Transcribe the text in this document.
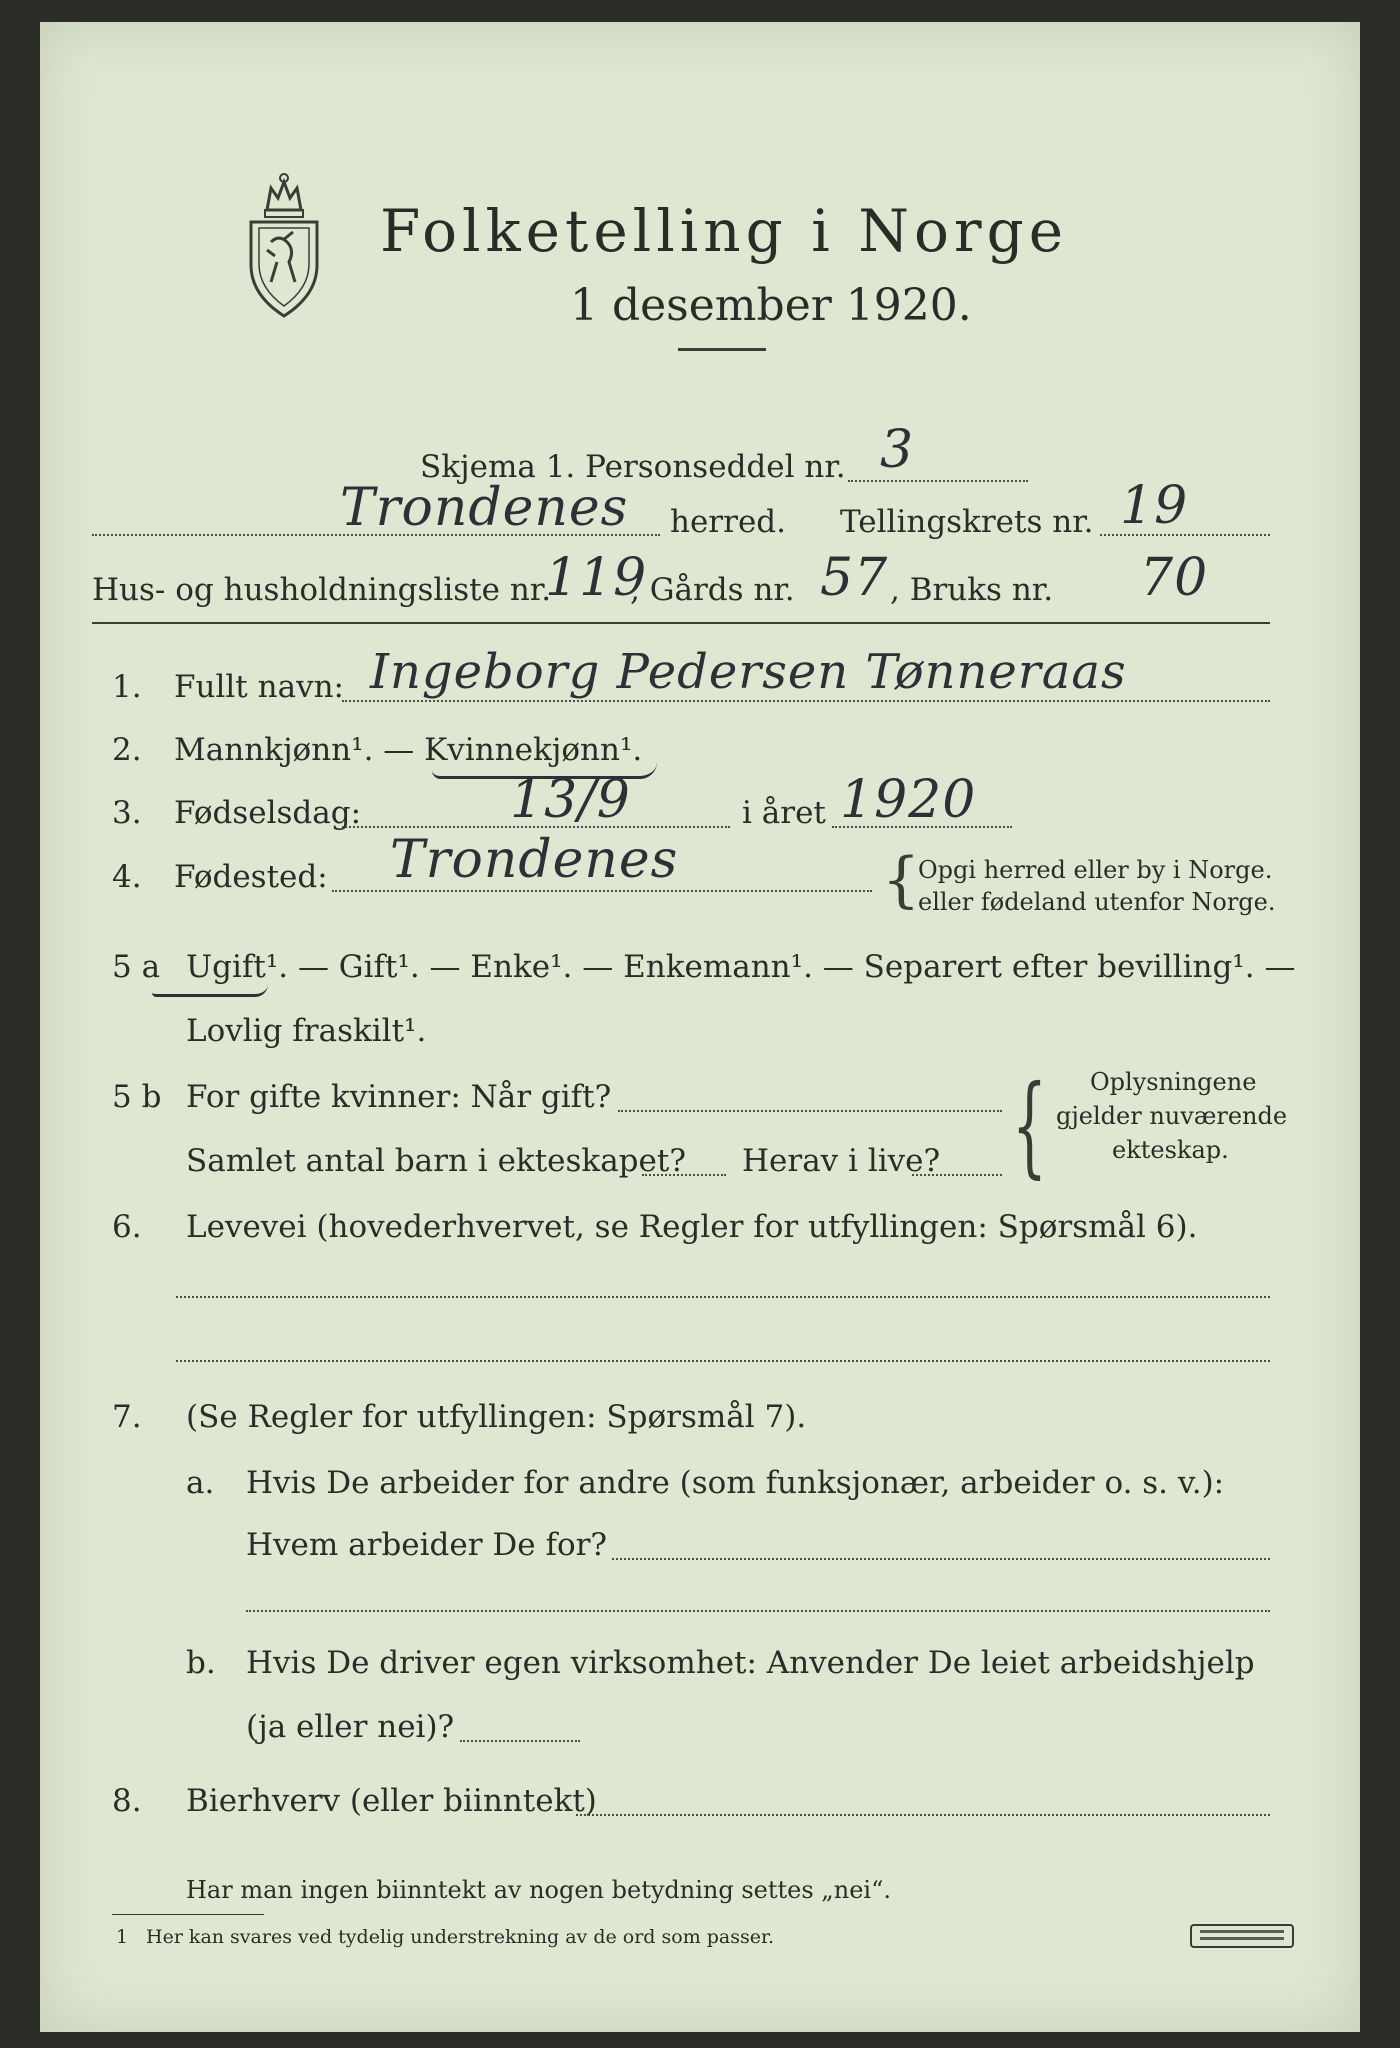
Folketelling i Norge
1 desember 1920.
Skjema 1. Personseddel nr. 3
Trondenes herred. Tellingskrets nr. 19
Hus- og husholdningsliste nr.
119
, Gårds nr. 57 , Bruks nr. 70
1. Fullt navn: Ingeborg Pedersen Tønneraas
2. Mannkjønn¹. — Kvinnekjønn¹.
3. Fødselsdag:	13/9	i året 1920
4. Fødested: Trondenes	{
Opgi herred eller by i Norge.
eller fødeland utenfor Norge.
5 a Ugift¹. — Gift¹. — Enke¹. — Enkemann¹. — Separert efter bevilling¹. —
Lovlig fraskilt¹.
5 b For gifte kvinner: Når gift?
Samlet antal barn i ekteskapet? Herav i live? { Oplysningene
gjelder nuværende
ekteskap.
6. Levevei (hovederhvervet, se Regler for utfyllingen: Spørsmål 6).
7. (Se Regler for utfyllingen: Spørsmål 7).
a. Hvis De arbeider for andre (som funksjonær, arbeider o. s. v.):
Hvem arbeider De for?
b. Hvis De driver egen virksomhet: Anvender De leiet arbeidshjelp
(ja eller nei)?
8. Bierhverv (eller biinntekt)
Har man ingen biinntekt av nogen betydning settes „nei“.
1 Her kan svares ved tydelig understrekning av de ord som passer.
